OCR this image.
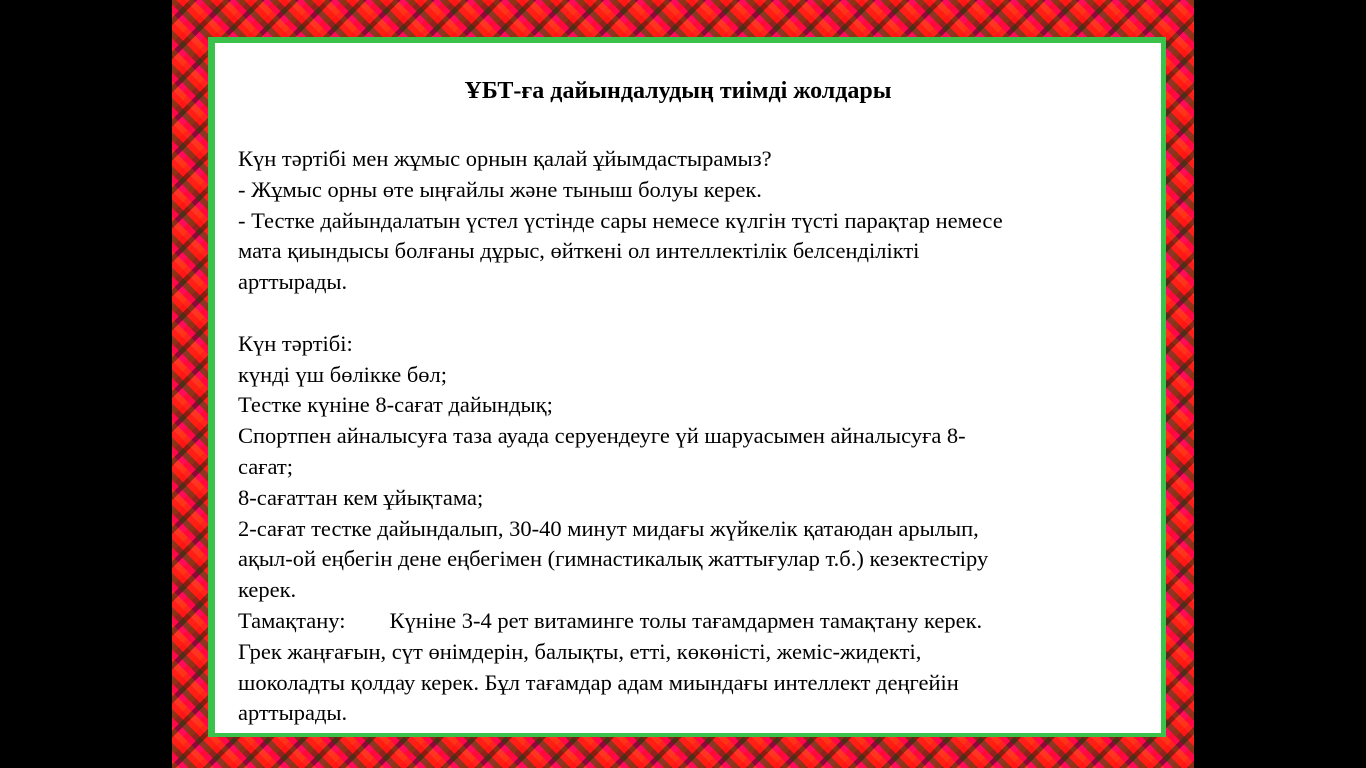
ҰБТ-ға дайындалудың тиімді жолдары

Күн тәртібі мен жұмыс орнын қалай ұйымдастырамыз?

- Жұмыс орны өте ыңғайлы және тыныш болуы керек.

- Тестке дайындалатын үстел үстінде сары немесе күлгін түсті парақтар немесе

мата қиындысы болғаны дұрыс, өйткені ол интеллектілік белсенділікті

арттырады.

Күн тәртібі:

күнді үш бөлікке бөл;

Тестке күніне 8-сағат дайындық;

Спортпен айналысуға таза ауада серуендеуге үй шаруасымен айналысуға 8-

сағат;

8-сағаттан кем ұйықтама;

2-сағат тестке дайындалып, 30-40 минут мидағы жүйкелік қатаюдан арылып,

ақыл-ой еңбегін дене еңбегімен (гимнастикалық жаттығулар т.б.) кезектестіру

керек.

Тамақтану: Күніне 3-4 рет витаминге толы тағамдармен тамақтану керек.

Грек жаңғағын, сүт өнімдерін, балықты, етті, көкөністі, жеміс-жидекті,

шоколадты қолдау керек. Бұл тағамдар адам миындағы интеллект деңгейін

арттырады.
